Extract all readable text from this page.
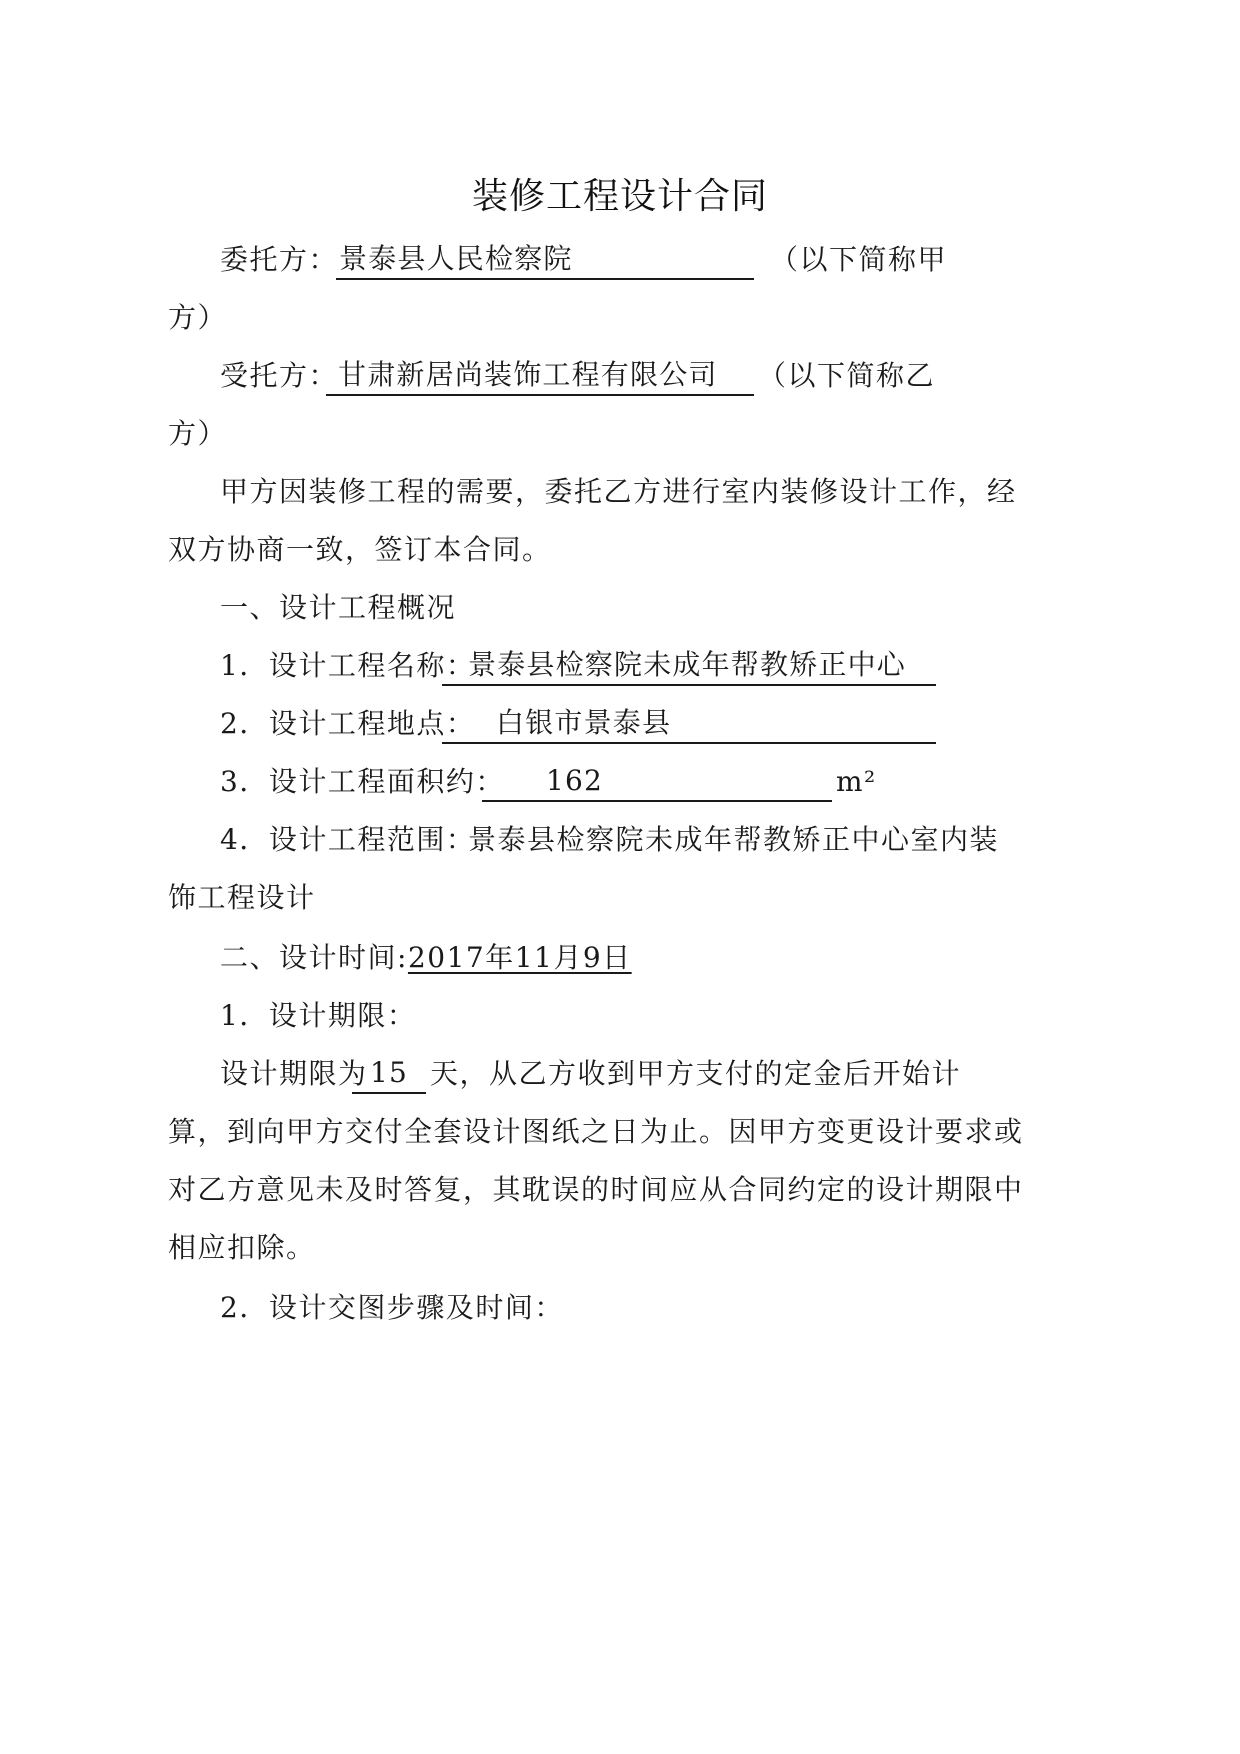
装修工程设计合同
委托方： 景泰县人民检察院	（以下简称甲
方）
受托方： 甘肃新居尚装饰工程有限公司	（以下简称乙
方）
甲方因装修工程的需要，委托乙方进行室内装修设计工作，经
双方协商一致，签订本合同。
一、设计工程概况
1．设计工程名称：
景泰县检察院未成年帮教矫正中心
2．设计工程地点： 白银市景泰县
3．设计工程面积约：	162	m²
4．设计工程范围：
景泰县检察院未成年帮教矫正中心室内装
饰工程设计
二、设计时间:2017年11月9日
1．设计期限：
设计期限为 15 天，从乙方收到甲方支付的定金后开始计
算，到向甲方交付全套设计图纸之日为止。因甲方变更设计要求或
对乙方意见未及时答复，其耽误的时间应从合同约定的设计期限中
相应扣除。
2．设计交图步骤及时间：
